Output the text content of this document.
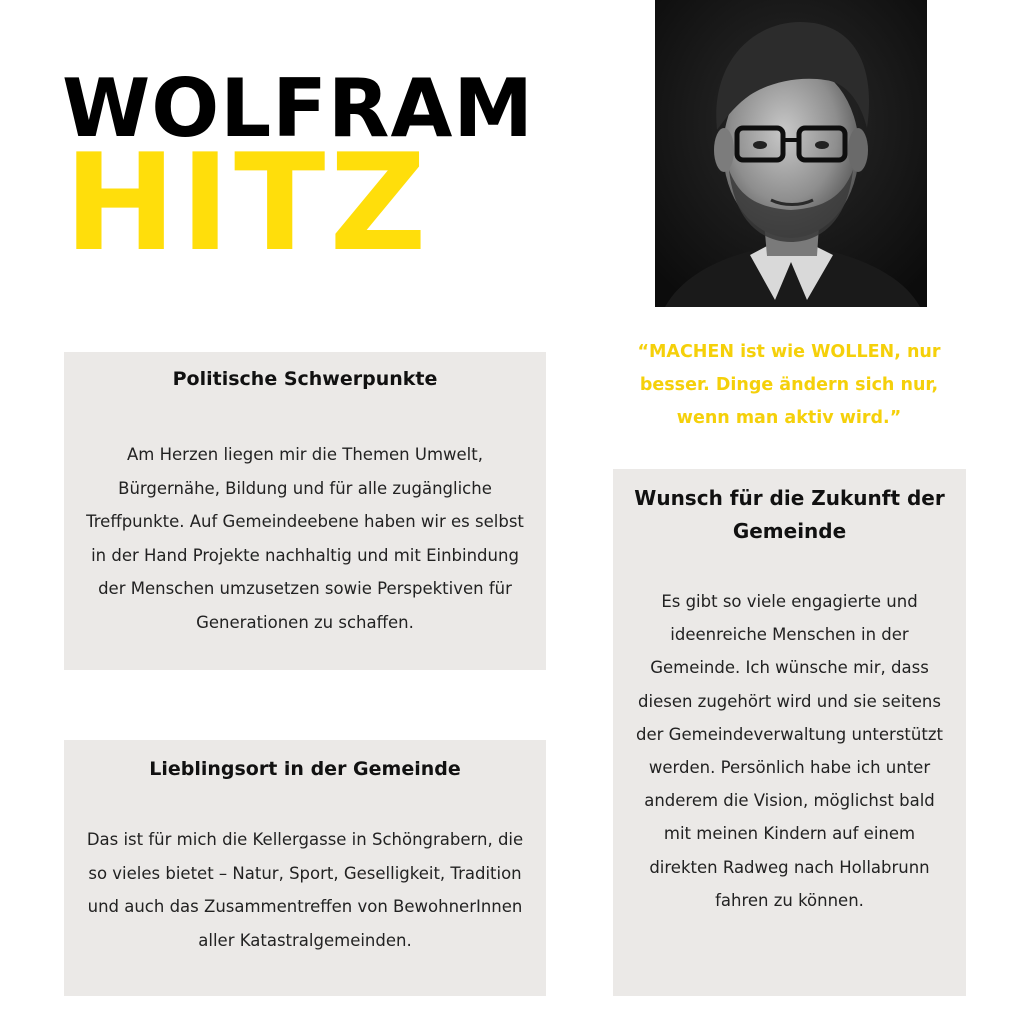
WOLFRAM
HITZ
“MACHEN ist wie WOLLEN, nur besser. Dinge ändern sich nur, wenn man aktiv wird.”
Politische Schwerpunkte

Am Herzen liegen mir die Themen Umwelt, Bürgernähe, Bildung und für alle zugängliche Treffpunkte. Auf Gemeindeebene haben wir es selbst in der Hand Projekte nachhaltig und mit Einbindung der Menschen umzusetzen sowie Perspektiven für Generationen zu schaffen.

Lieblingsort in der Gemeinde

Das ist für mich die Kellergasse in Schöngrabern, die so vieles bietet – Natur, Sport, Geselligkeit, Tradition und auch das Zusammentreffen von BewohnerInnen aller Katastralgemeinden.

Wunsch für die Zukunft der Gemeinde

Es gibt so viele engagierte und ideenreiche Menschen in der Gemeinde. Ich wünsche mir, dass diesen zugehört wird und sie seitens der Gemeindeverwaltung unterstützt werden. Persönlich habe ich unter anderem die Vision, möglichst bald mit meinen Kindern auf einem direkten Radweg nach Hollabrunn fahren zu können.
